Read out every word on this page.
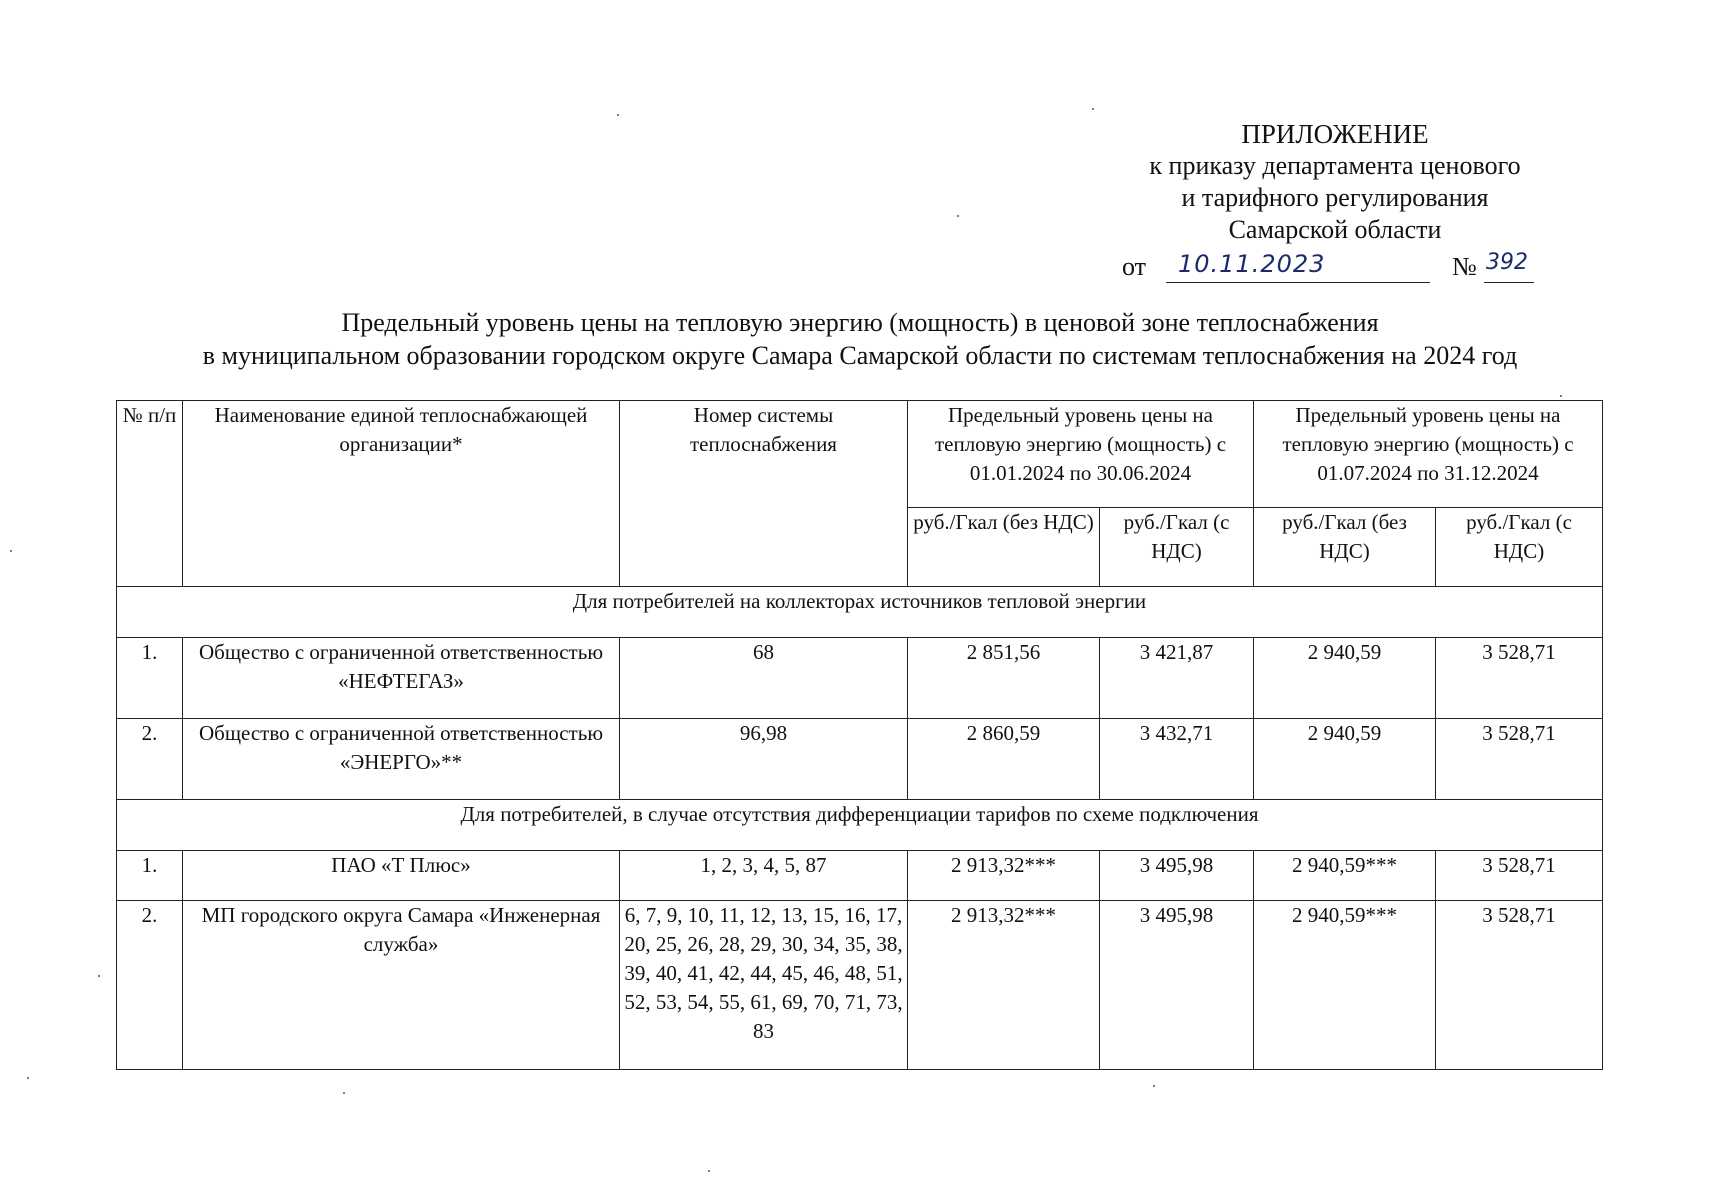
ПРИЛОЖЕНИЕ
к приказу департамента ценового
и тарифного регулирования
Самарской области
от 10.11.2023	№ 392
Предельный уровень цены на тепловую энергию (мощность) в ценовой зоне теплоснабжения
в муниципальном образовании городском округе Самара Самарской области по системам теплоснабжения на 2024 год
№ п/п	Наименование единой теплоснабжающей организации*	Номер системы теплоснабжения	Предельный уровень цены на тепловую энергию (мощность) с 01.01.2024 по 30.06.2024		Предельный уровень цены на тепловую энергию (мощность) с 01.07.2024 по 31.12.2024	
			руб./Гкал (без НДС)	руб./Гкал (с НДС)	руб./Гкал (без НДС)	руб./Гкал (с НДС)
Для потребителей на коллекторах источников тепловой энергии						
1.	Общество с ограниченной ответственностью «НЕФТЕГАЗ»	68	2 851,56	3 421,87	2 940,59	3 528,71
2.	Общество с ограниченной ответственностью «ЭНЕРГО»**	96,98	2 860,59	3 432,71	2 940,59	3 528,71
Для потребителей, в случае отсутствия дифференциации тарифов по схеме подключения						
1.	ПАО «Т Плюс»	1, 2, 3, 4, 5, 87	2 913,32***	3 495,98	2 940,59***	3 528,71
2.	МП городского округа Самара «Инженерная служба»	6, 7, 9, 10, 11, 12, 13, 15, 16, 17, 20, 25, 26, 28, 29, 30, 34, 35, 38, 39, 40, 41, 42, 44, 45, 46, 48, 51, 52, 53, 54, 55, 61, 69, 70, 71, 73, 83	2 913,32***	3 495,98	2 940,59***	3 528,71
